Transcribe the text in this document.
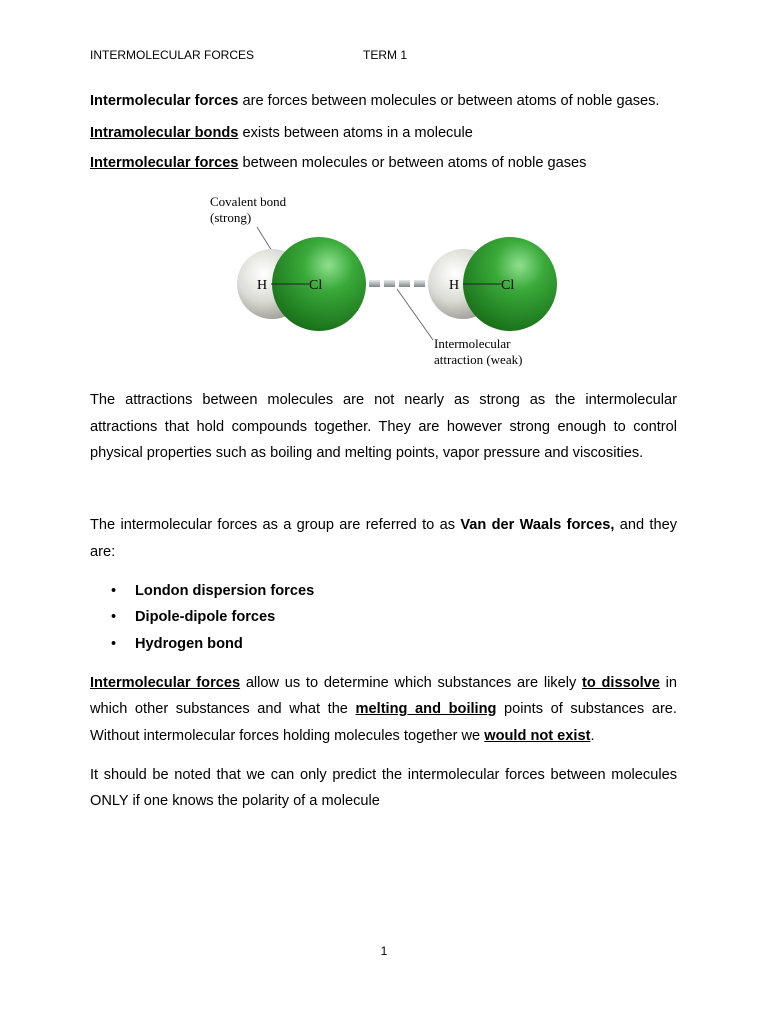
INTERMOLECULAR FORCES	TERM 1

Intermolecular forces are forces between molecules or between atoms of noble gases.

Intramolecular bonds exists between atoms in a molecule

Intermolecular forces between molecules or between atoms of noble gases

Covalent bond
(strong)
H	Cl	H	Cl
Intermolecular
attraction (weak)

The attractions between molecules are not nearly as strong as the intermolecular attractions that hold compounds together. They are however strong enough to control physical properties such as boiling and melting points, vapor pressure and viscosities.

The intermolecular forces as a group are referred to as Van der Waals forces, and they are:

• London dispersion forces
• Dipole-dipole forces
• Hydrogen bond

Intermolecular forces allow us to determine which substances are likely to dissolve in which other substances and what the melting and boiling points of substances are. Without intermolecular forces holding molecules together we would not exist.

It should be noted that we can only predict the intermolecular forces between molecules ONLY if one knows the polarity of a molecule

1
